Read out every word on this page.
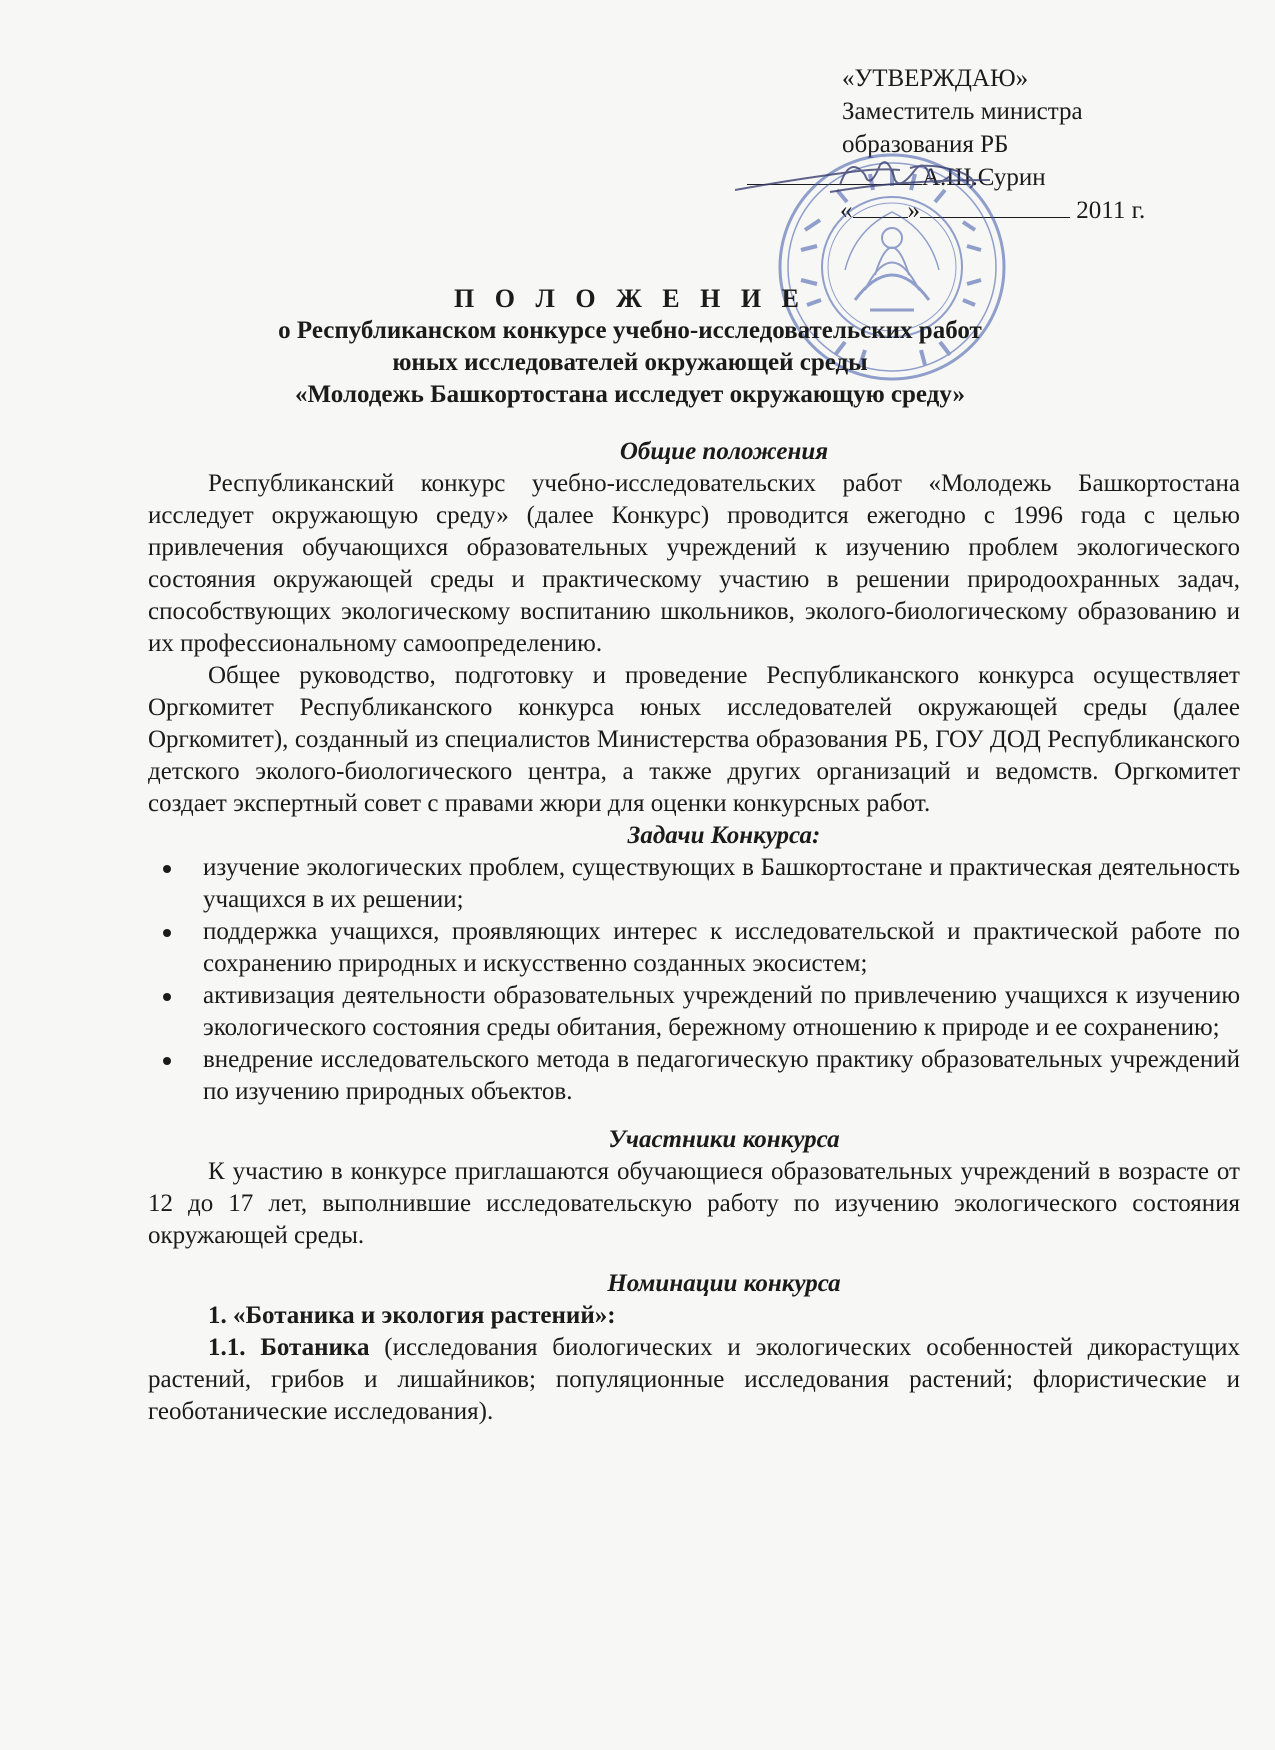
«УТВЕРЖДАЮ»
Заместитель министра
образования РБ
А.Ш.Сурин
« »	2011 г.
П О Л О Ж Е Н И Е
о Республиканском конкурсе учебно-исследовательских работ
юных исследователей окружающей среды
«Молодежь Башкортостана исследует окружающую среду»

Общие положения

Республиканский конкурс учебно-исследовательских работ «Молодежь Башкортостана исследует окружающую среду» (далее Конкурс) проводится ежегодно с 1996 года с целью привлечения обучающихся образовательных учреждений к изучению проблем экологического состояния окружающей среды и практическому участию в решении природоохранных задач, способствующих экологическому воспитанию школьников, эколого-биологическому образованию и их профессиональному самоопределению.

Общее руководство, подготовку и проведение Республиканского конкурса осуществляет Оргкомитет Республиканского конкурса юных исследователей окружающей среды (далее Оргкомитет), созданный из специалистов Министерства образования РБ, ГОУ ДОД Республиканского детского эколого-биологического центра, а также других организаций и ведомств. Оргкомитет создает экспертный совет с правами жюри для оценки конкурсных работ.

Задачи Конкурса:

изучение экологических проблем, существующих в Башкортостане и практическая деятельность учащихся в их решении;
поддержка учащихся, проявляющих интерес к исследовательской и практической работе по сохранению природных и искусственно созданных экосистем;
активизация деятельности образовательных учреждений по привлечению учащихся к изучению экологического состояния среды обитания, бережному отношению к природе и ее сохранению;
внедрение исследовательского метода в педагогическую практику образовательных учреждений по изучению природных объектов.

Участники конкурса

К участию в конкурсе приглашаются обучающиеся образовательных учреждений в возрасте от 12 до 17 лет, выполнившие исследовательскую работу по изучению экологического состояния окружающей среды.

Номинации конкурса

1. «Ботаника и экология растений»:

1.1. Ботаника (исследования биологических и экологических особенностей дикорастущих растений, грибов и лишайников; популяционные исследования растений; флористические и геоботанические исследования).
